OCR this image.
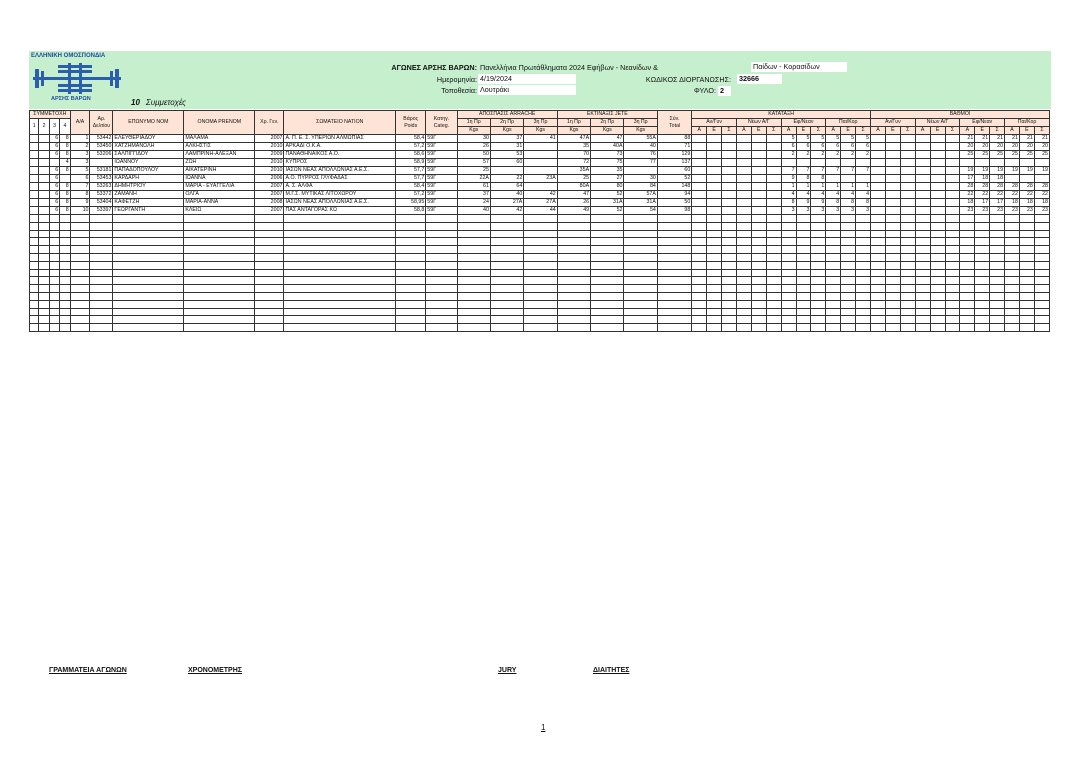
ΕΛΛΗΝΙΚΗ ΟΜΟΣΠΟΝΔΙΑ
ΑΡΣΗΣ ΒΑΡΩΝ
ΑΓΩΝΕΣ ΑΡΣΗΣ ΒΑΡΩΝ: Πανελλήνια Πρωτάθληματα 2024 Εφήβων - Νεανίδων &	Παίδων - Κορασίδων
Ημερομηνία: 4/19/2024	ΚΩΔΙΚΟΣ ΔΙΟΡΓΑΝΩΣΗΣ: 32666
Τοποθεσία: Λουτράκι	ΦΥΛΟ: 2
10 Συμμετοχές
ΣΥΜΜΕΤΟΧΗ				Α/Α	Αρ.
Δελτίου	ΕΠΩΝΥΜΟ NOM	ΟΝΟΜΑ PRENOM	Χρ. Γεν.	ΣΩΜΑΤΕΙΟ NATION	Βάρος
Poids	Κατηγ.
Categ.	ΑΠΟΣΠΑΣΙΣ ARRACHE			ΕΚΤΙΝΑΞΙΣ JETE			Σύν.
Total	ΚΑΤΑΤΑΞΗ												ΒΑΘΜΟΙ											
1	2	3	4									1η Πρ	2η Πρ	3η Πρ	1η Πρ	2η Πρ	3η Πρ		Αν/Γυν			Νέων Α/Γ			Εφ/Νεαν			Παι/Κορ			Αν/Γυν			Νέων Α/Γ			Εφ/Νεαν			Παι/Κορ		
												Kgs	Kgs	Kgs	Kgs	Kgs	Kgs		Α	Ε	Σ	Α	Ε	Σ	Α	Ε	Σ	Α	Ε	Σ	Α	Ε	Σ	Α	Ε	Σ	Α	Ε	Σ	Α	Ε	Σ
		6	8	1	53442	ΕΛΕΥΘΕΡΙΑΔΟΥ	ΜΑΛΑΜΑ	2007	Α. Π. Ε. Σ. ΥΠΕΡΙΩΝ ΑΛΜΩΠΙΑΣ	58,4	59Γ	30	37	41	47A	47	55A	88							5	5	5	5	5	5							21	21	21	21	21	21
		6	8	2	53450	ΧΑΤΖΗΜΑΝΩΛΗ	ΑΛΚΗΣΤΙΣ	2010	ΑΡΚΑΔΙ Ο.Κ.Α.	57,2	59Γ	26	31		35	40A	40	71							6	6	6	6	6	6							20	20	20	20	20	20
		6	8	3	53206	ΣΑΛΠΙΓΓΙΔΟΥ	ΛΑΜΠΡΙΝΗ-ΑΛΕΞΑΝ	2009	ΠΑΝΑΘΗΝΑΙΚΟΣ Α.Ο.	58,6	59Γ	50	53		70	73	76	129							2	2	2	2	2	2							25	25	25	25	25	25
			4	3		ΙΩΑΝΝΟΥ	ΖΩΗ	2010	ΚΥΠΡΟΣ	58,9	59Γ	57	60		72	75	77	137																								
		6	8	5	53181	ΠΑΠΑΔΟΠΟΥΛΟΥ	ΑΙΚΑΤΕΡΙΝΗ	2010	ΙΑΣΩΝ ΝΕΑΣ ΑΠΟΛΛΩΝΙΑΣ Α.Ε.Σ.	57,7	59Γ	25			35A	35		60							7	7	7	7	7	7							19	19	19	19	19	19
		6		6	53453	ΚΑΡΔΑΡΗ	ΙΩΑΝΝΑ	2006	Α.Ο. ΠΥΡΡΟΣ ΓΛΥΦΑΔΑΣ	57,7	59Γ	22A	22	23A	25	27	30	52							9	8	8										17	18	18			
		6	8	7	53263	ΔΗΜΗΤΡΙΟΥ	ΜΑΡΙΑ - ΕΥΑΓΓΕΛΙΑ	2007	Α. Σ. ΑΛΦΑ	58,4	59Γ	61	64		80A	80	84	148							1	1	1	1	1	1							28	28	28	28	28	28
		6	8	8	53372	ΖΑΜΑΝΗ	ΟΛΓΑ	2007	Μ.Γ.Σ. ΜΥΤΙΚΑΣ ΛΙΤΟΧΩΡΟΥ	57,2	59Γ	37	40	42	47	52	57A	94							4	4	4	4	4	4							22	22	22	22	22	22
		6	8	9	53404	ΚΑΦΕΤΖΗ	ΜΑΡΙΑ-ΑΝΝΑ	2008	ΙΑΣΩΝ ΝΕΑΣ ΑΠΟΛΛΩΝΙΑΣ Α.Ε.Σ.	58,95	59Γ	24	27A	27A	26	31A	31A	50							8	9	9	8	8	8							18	17	17	18	18	18
		6	8	10	53397	ΓΕΩΡΓΑΝΤΗ	ΚΛΕΙΩ	2007	ΠΑΣ ΑΝΤΑΓΟΡΑΣ ΚΩ	58,8	59Γ	40	42	44	49	52	54	98							3	3	3	3	3	3							23	23	23	23	23	23

ΓΡΑΜΜΑΤΕΙΑ ΑΓΩΝΩΝ	ΧΡΟΝΟΜΕΤΡΗΣ	JURY	ΔΙΑΙΤΗΤΕΣ
1
